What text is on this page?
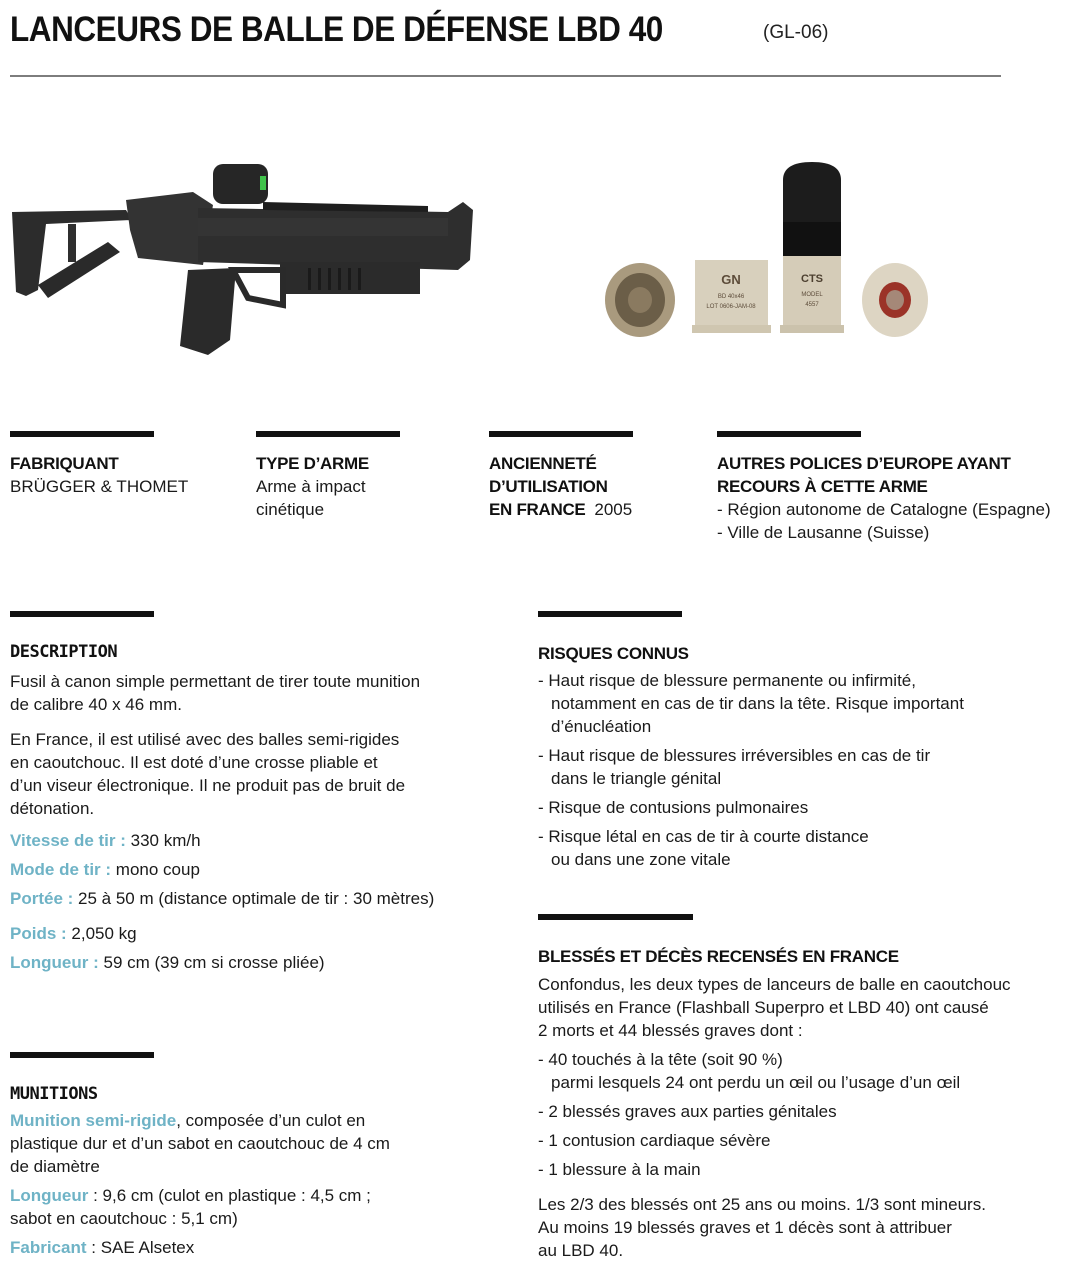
LANCEURS DE BALLE DE DÉFENSE LBD 40	(GL-06)
GN
BD 40x46
LOT 0606-JAM-08
CTS
MODEL
4557
FABRIQUANT
BRÜGGER & THOMET
TYPE D’ARME
Arme à impact
cinétique
ANCIENNETÉ
D’UTILISATION
EN FRANCE 2005
AUTRES POLICES D’EUROPE AYANT
RECOURS À CETTE ARME
- Région autonome de Catalogne (Espagne)
- Ville de Lausanne (Suisse)
DESCRIPTION
Fusil à canon simple permettant de tirer toute munition
de calibre 40 x 46 mm.
En France, il est utilisé avec des balles semi-rigides
en caoutchouc. Il est doté d’une crosse pliable et
d’un viseur électronique. Il ne produit pas de bruit de
détonation.
Vitesse de tir : 330 km/h
Mode de tir : mono coup
Portée : 25 à 50 m (distance optimale de tir : 30 mètres)
Poids : 2,050 kg
Longueur : 59 cm (39 cm si crosse pliée)
MUNITIONS
Munition semi-rigide, composée d’un culot en
plastique dur et d’un sabot en caoutchouc de 4 cm
de diamètre
Longueur : 9,6 cm (culot en plastique : 4,5 cm ;
sabot en caoutchouc : 5,1 cm)
Fabricant : SAE Alsetex
RISQUES CONNUS
- Haut risque de blessure permanente ou infirmité,
notamment en cas de tir dans la tête. Risque important
d’énucléation
- Haut risque de blessures irréversibles en cas de tir
dans le triangle génital
- Risque de contusions pulmonaires
- Risque létal en cas de tir à courte distance
ou dans une zone vitale
BLESSÉS ET DÉCÈS RECENSÉS EN FRANCE
Confondus, les deux types de lanceurs de balle en caoutchouc
utilisés en France (Flashball Superpro et LBD 40) ont causé
2 morts et 44 blessés graves dont :
- 40 touchés à la tête (soit 90 %)
parmi lesquels 24 ont perdu un œil ou l’usage d’un œil
- 2 blessés graves aux parties génitales
- 1 contusion cardiaque sévère
- 1 blessure à la main
Les 2/3 des blessés ont 25 ans ou moins. 1/3 sont mineurs.
Au moins 19 blessés graves et 1 décès sont à attribuer
au LBD 40.
